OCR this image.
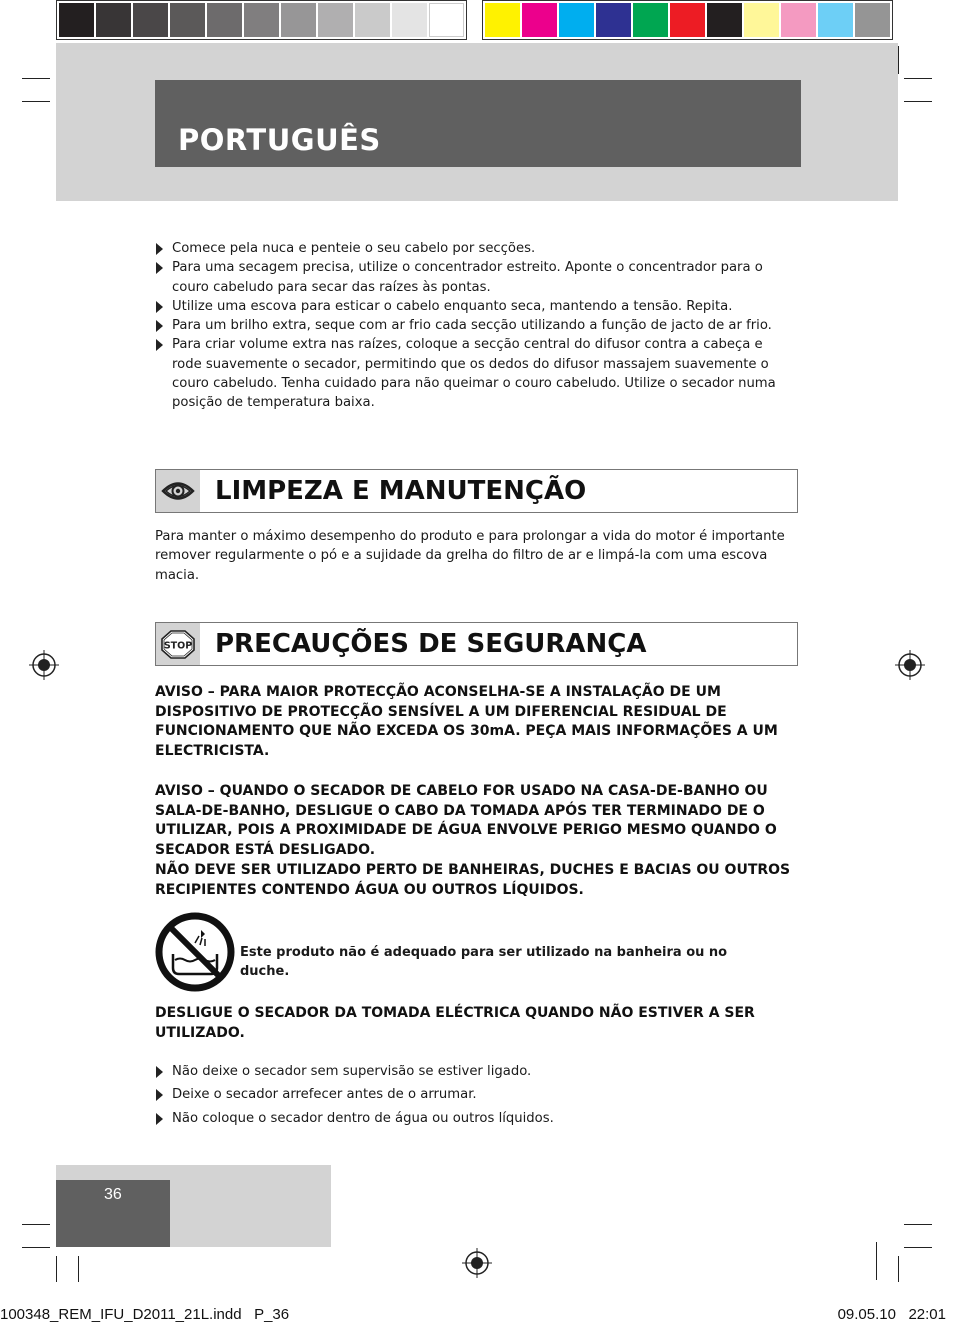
PORTUGUÊS
Comece pela nuca e penteie o seu cabelo por secções.
Para uma secagem precisa, utilize o concentrador estreito. Aponte o concentrador para o couro cabeludo para secar das raízes às pontas.
Utilize uma escova para esticar o cabelo enquanto seca, mantendo a tensão. Repita.
Para um brilho extra, seque com ar frio cada secção utilizando a função de jacto de ar frio.
Para criar volume extra nas raízes, coloque a secção central do difusor contra a cabeça e rode suavemente o secador, permitindo que os dedos do difusor massajem suavemente o couro cabeludo. Tenha cuidado para não queimar o couro cabeludo. Utilize o secador numa posição de temperatura baixa.
LIMPEZA E MANUTENÇÃO
Para manter o máximo desempenho do produto e para prolongar a vida do motor é importante remover regularmente o pó e a sujidade da grelha do filtro de ar e limpá-la com uma escova macia.
STOP PRECAUÇÕES DE SEGURANÇA
AVISO – PARA MAIOR PROTECÇÃO ACONSELHA-SE A INSTALAÇÃO DE UM DISPOSITIVO DE PROTECÇÃO SENSÍVEL A UM DIFERENCIAL RESIDUAL DE FUNCIONAMENTO QUE NÃO EXCEDA OS 30mA. PEÇA MAIS INFORMAÇÕES A UM ELECTRICISTA.
AVISO – QUANDO O SECADOR DE CABELO FOR USADO NA CASA-DE-BANHO OU SALA-DE-BANHO, DESLIGUE O CABO DA TOMADA APÓS TER TERMINADO DE O UTILIZAR, POIS A PROXIMIDADE DE ÁGUA ENVOLVE PERIGO MESMO QUANDO O SECADOR ESTÁ DESLIGADO.
NÃO DEVE SER UTILIZADO PERTO DE BANHEIRAS, DUCHES E BACIAS OU OUTROS RECIPIENTES CONTENDO ÁGUA OU OUTROS LÍQUIDOS.
Este produto não é adequado para ser utilizado na banheira ou no duche.
DESLIGUE O SECADOR DA TOMADA ELÉCTRICA QUANDO NÃO ESTIVER A SER UTILIZADO.
Não deixe o secador sem supervisão se estiver ligado.
Deixe o secador arrefecer antes de o arrumar.
Não coloque o secador dentro de água ou outros líquidos.
36
100348_REM_IFU_D2011_21L.indd   P_36	09.05.10   22:01
